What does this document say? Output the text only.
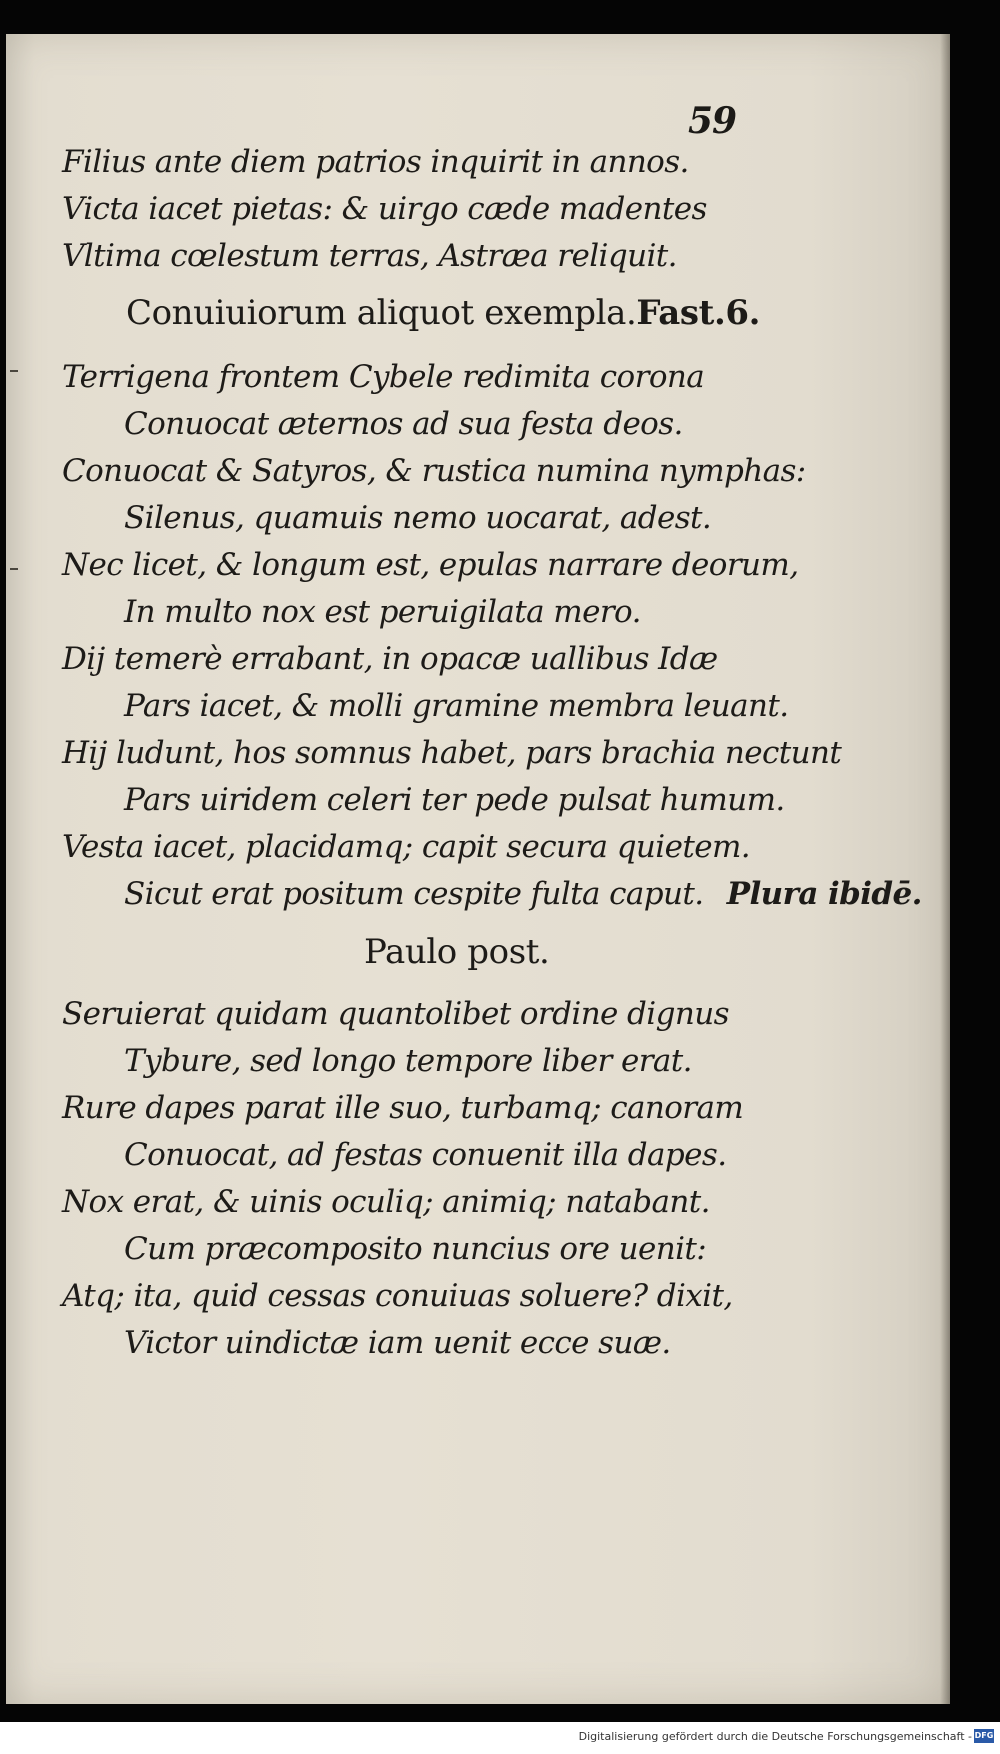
59
Filius ante diem patrios inquirit in annos.
Victa iacet pietas: & uirgo cæde madentes
Vltima cœlestum terras, Astræa reliquit.
Conuiuiorum aliquot exempla.Fast.6.
Terrigena frontem Cybele redimita corona
Conuocat æternos ad sua festa deos.
Conuocat & Satyros, & rustica numina nymphas:
Silenus, quamuis nemo uocarat, adest.
Nec licet, & longum est, epulas narrare deorum,
In multo nox est peruigilata mero.
Dij temerè errabant, in opacæ uallibus Idæ
Pars iacet, & molli gramine membra leuant.
Hij ludunt, hos somnus habet, pars brachia nectunt
Pars uiridem celeri ter pede pulsat humum.
Vesta iacet, placidamq; capit secura quietem.
Sicut erat positum cespite fulta caput. Plura ibidē.
Paulo post.
Seruierat quidam quantolibet ordine dignus
Tybure, sed longo tempore liber erat.
Rure dapes parat ille suo, turbamq; canoram
Conuocat, ad festas conuenit illa dapes.
Nox erat, & uinis oculiq; animiq; natabant.
Cum præcomposito nuncius ore uenit:
Atq; ita, quid cessas conuiuas soluere? dixit,
Victor uindictæ iam uenit ecce suæ.
Digitalisierung gefördert durch die Deutsche Forschungsgemeinschaft - DFG
